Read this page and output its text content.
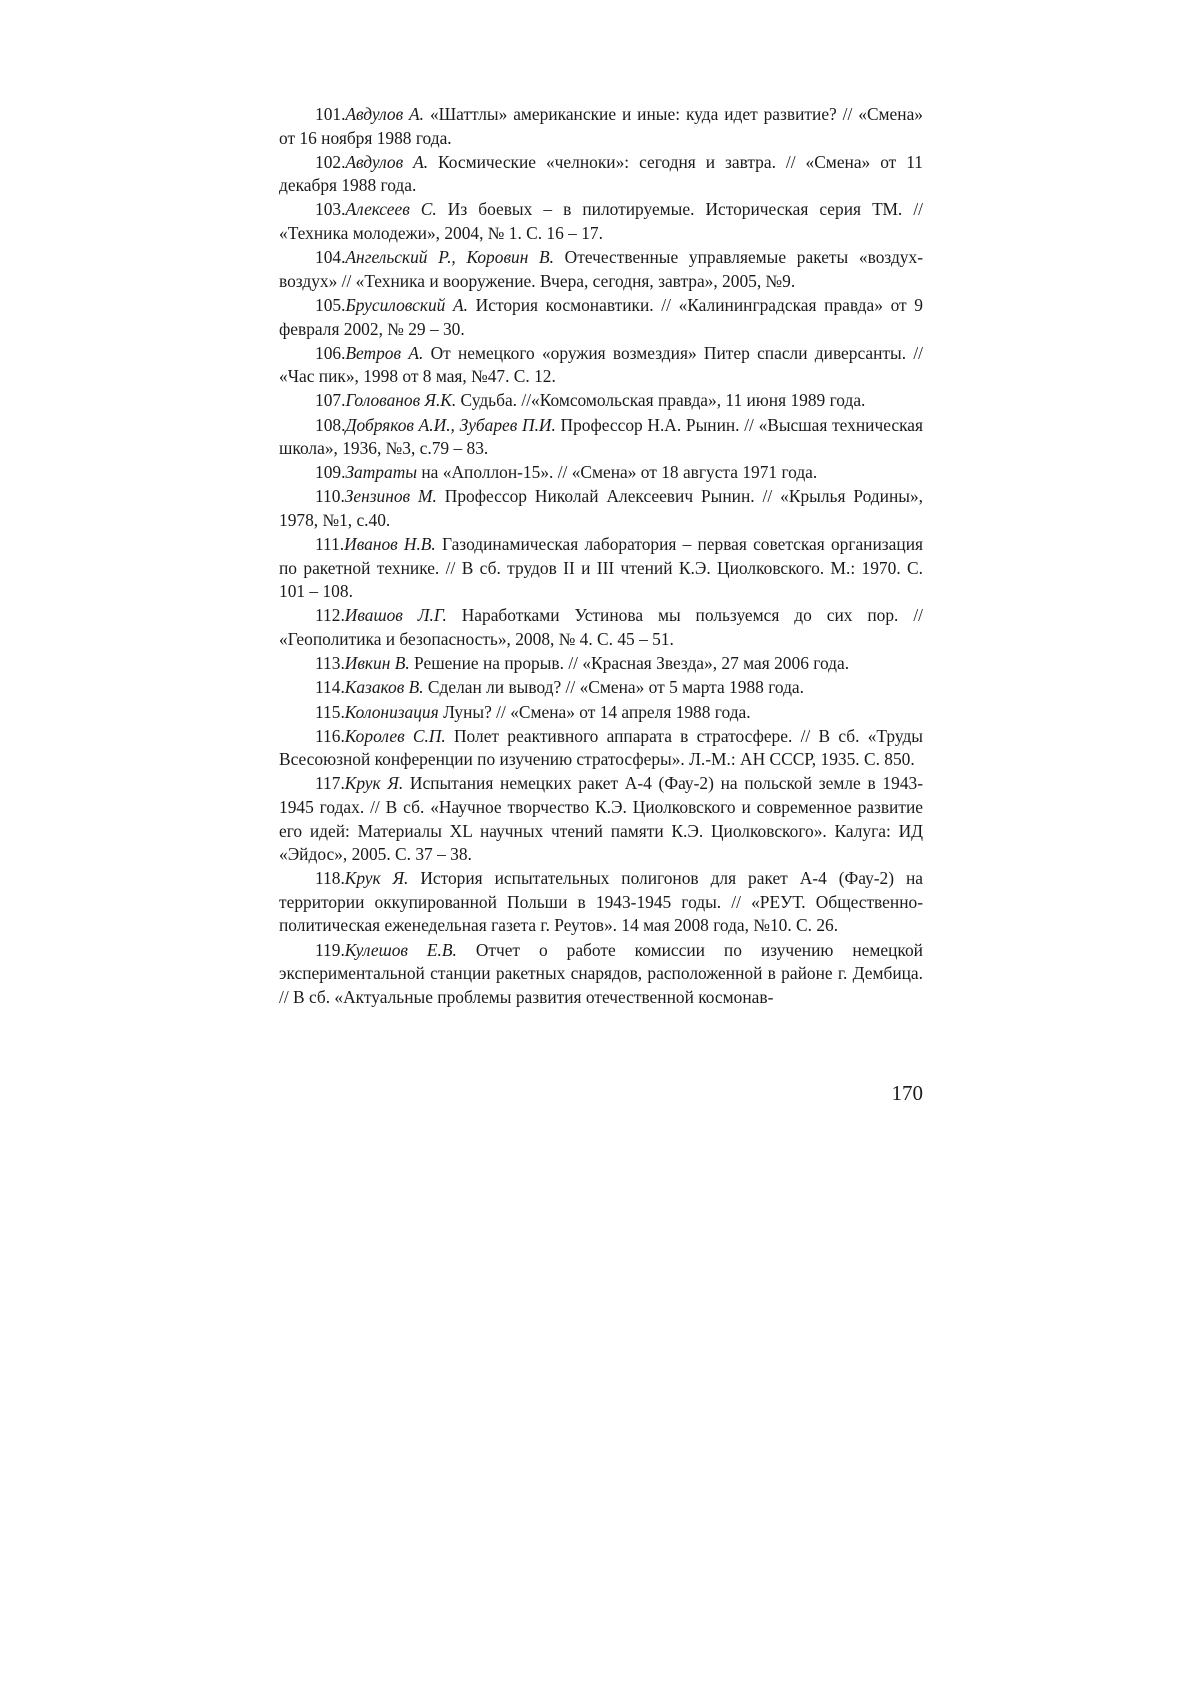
101.Авдулов А. «Шаттлы» американские и иные: куда идет развитие? // «Смена» от 16 ноября 1988 года.

102.Авдулов А. Космические «челноки»: сегодня и завтра. // «Смена» от 11 декабря 1988 года.

103.Алексеев С. Из боевых – в пилотируемые. Историческая серия ТМ. // «Техника молодежи», 2004, № 1. С. 16 – 17.

104.Ангельский Р., Коровин В. Отечественные управляемые ракеты «воздух-воздух» // «Техника и вооружение. Вчера, сегодня, завтра», 2005, №9.

105.Брусиловский А. История космонавтики. // «Калининградская правда» от 9 февраля 2002, № 29 – 30.

106.Ветров А. От немецкого «оружия возмездия» Питер спасли диверсанты. // «Час пик», 1998 от 8 мая, №47. С. 12.

107.Голованов Я.К. Судьба. //«Комсомольская правда», 11 июня 1989 года.

108.Добряков А.И., Зубарев П.И. Профессор Н.А. Рынин. // «Высшая техническая школа», 1936, №3, с.79 – 83.

109.Затраты на «Аполлон-15». // «Смена» от 18 августа 1971 года.

110.Зензинов М. Профессор Николай Алексеевич Рынин. // «Крылья Родины», 1978, №1, с.40.

111.Иванов Н.В. Газодинамическая лаборатория – первая советская организация по ракетной технике. // В сб. трудов II и III чтений К.Э. Циолковского. М.: 1970. С. 101 – 108.

112.Ивашов Л.Г. Наработками Устинова мы пользуемся до сих пор. // «Геополитика и безопасность», 2008, № 4. С. 45 – 51.

113.Ивкин В. Решение на прорыв. // «Красная Звезда», 27 мая 2006 года.

114.Казаков В. Сделан ли вывод? // «Смена» от 5 марта 1988 года.

115.Колонизация Луны? // «Смена» от 14 апреля 1988 года.

116.Королев С.П. Полет реактивного аппарата в стратосфере. // В сб. «Труды Всесоюзной конференции по изучению стратосферы». Л.-М.: АН СССР, 1935. С. 850.

117.Крук Я. Испытания немецких ракет А-4 (Фау-2) на польской земле в 1943-1945 годах. // В сб. «Научное творчество К.Э. Циолковского и современное развитие его идей: Материалы XL научных чтений памяти К.Э. Циолковского». Калуга: ИД «Эйдос», 2005. С. 37 – 38.

118.Крук Я. История испытательных полигонов для ракет А-4 (Фау-2) на территории оккупированной Польши в 1943-1945 годы. // «РЕУТ. Общественно-политическая еженедельная газета г. Реутов». 14 мая 2008 года, №10. С. 26.

119.Кулешов Е.В. Отчет о работе комиссии по изучению немецкой экспериментальной станции ракетных снарядов, расположенной в районе г. Дембица. // В сб. «Актуальные проблемы развития отечественной космонав-

170
